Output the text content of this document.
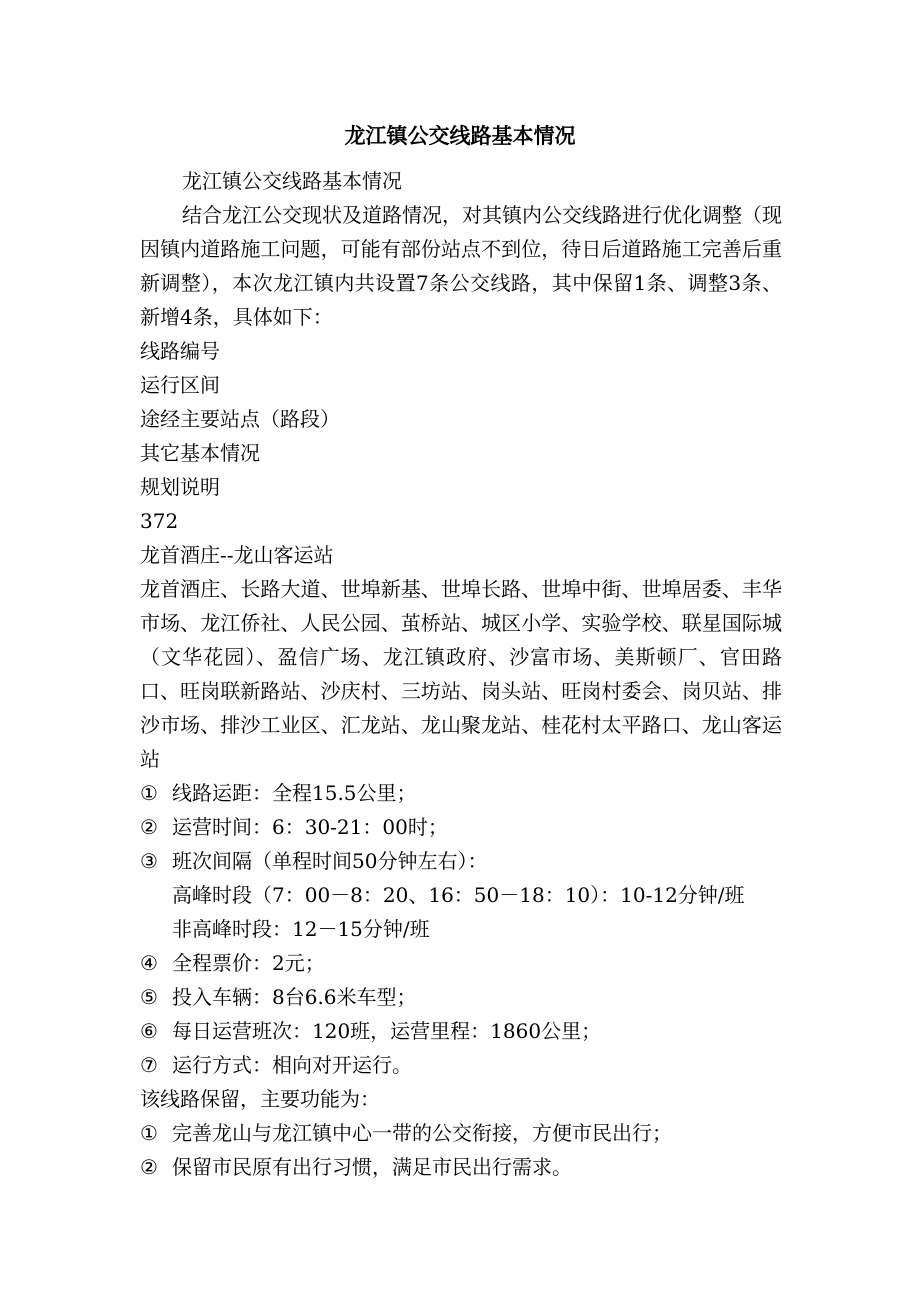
龙江镇公交线路基本情况

龙江镇公交线路基本情况

结合龙江公交现状及道路情况，对其镇内公交线路进行优化调整（现因镇内道路施工问题，可能有部份站点不到位，待日后道路施工完善后重新调整），本次龙江镇内共设置7条公交线路，其中保留1条、调整3条、新增4条，具体如下：

线路编号

运行区间

途经主要站点（路段）

其它基本情况

规划说明

372

龙首酒庄--龙山客运站

龙首酒庄、长路大道、世埠新基、世埠长路、世埠中街、世埠居委、丰华市场、龙江侨社、人民公园、茧桥站、城区小学、实验学校、联星国际城（文华花园）、盈信广场、龙江镇政府、沙富市场、美斯顿厂、官田路口、旺岗联新路站、沙庆村、三坊站、岗头站、旺岗村委会、岗贝站、排沙市场、排沙工业区、汇龙站、龙山聚龙站、桂花村太平路口、龙山客运站

① 线路运距：全程15.5公里；

② 运营时间：6：30-21：00时；

③ 班次间隔（单程时间50分钟左右）：

高峰时段（7：00－8：20、16：50－18：10）：10-12分钟/班

非高峰时段：12－15分钟/班

④ 全程票价：2元；

⑤ 投入车辆：8台6.6米车型；

⑥ 每日运营班次：120班，运营里程：1860公里；

⑦ 运行方式：相向对开运行。

该线路保留，主要功能为：

① 完善龙山与龙江镇中心一带的公交衔接，方便市民出行；

② 保留市民原有出行习惯，满足市民出行需求。
